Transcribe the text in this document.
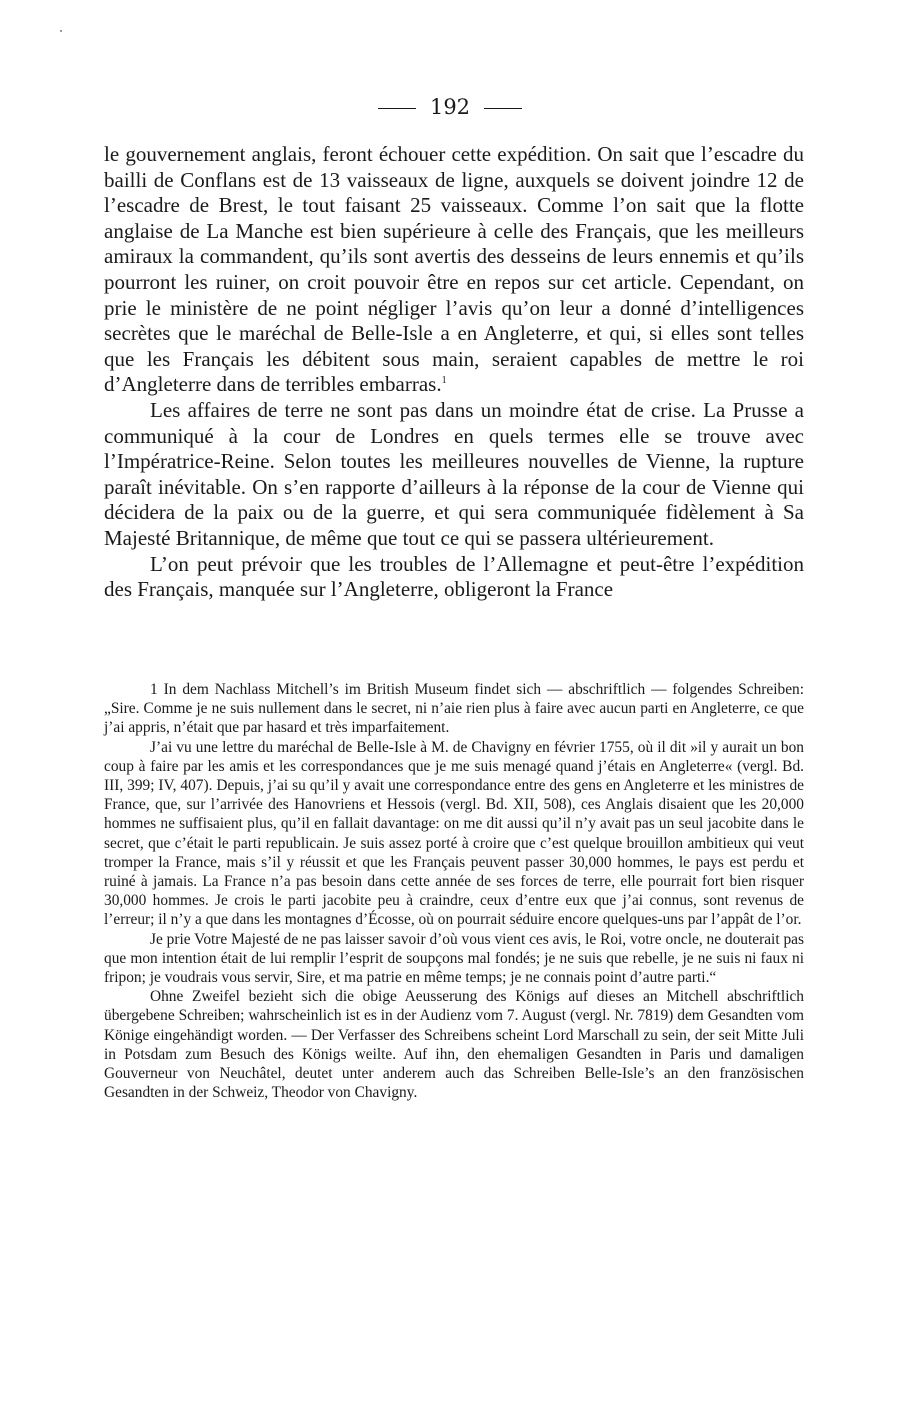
192

le gouvernement anglais, feront échouer cette expédition. On sait que l’escadre du bailli de Conflans est de 13 vaisseaux de ligne, auxquels se doivent joindre 12 de l’escadre de Brest, le tout faisant 25 vaisseaux. Comme l’on sait que la flotte anglaise de La Manche est bien supérieure à celle des Français, que les meilleurs amiraux la commandent, qu’ils sont avertis des desseins de leurs ennemis et qu’ils pourront les ruiner, on croit pouvoir être en repos sur cet article. Cependant, on prie le ministère de ne point négliger l’avis qu’on leur a donné d’intelligences secrètes que le maréchal de Belle-Isle a en Angleterre, et qui, si elles sont telles que les Français les débitent sous main, seraient capables de mettre le roi d’Angleterre dans de terribles embarras.$^1$

Les affaires de terre ne sont pas dans un moindre état de crise. La Prusse a communiqué à la cour de Londres en quels termes elle se trouve avec l’Impératrice-Reine. Selon toutes les meilleures nouvelles de Vienne, la rupture paraît inévitable. On s’en rapporte d’ailleurs à la réponse de la cour de Vienne qui décidera de la paix ou de la guerre, et qui sera communiquée fidèlement à Sa Majesté Britannique, de même que tout ce qui se passera ultérieurement.

L’on peut prévoir que les troubles de l’Allemagne et peut-être l’expédition des Français, manquée sur l’Angleterre, obligeront la France

1 In dem Nachlass Mitchell’s im British Museum findet sich — abschriftlich — folgendes Schreiben: „Sire. Comme je ne suis nullement dans le secret, ni n’aie rien plus à faire avec aucun parti en Angleterre, ce que j’ai appris, n’était que par hasard et très imparfaitement.

J’ai vu une lettre du maréchal de Belle-Isle à M. de Chavigny en février 1755, où il dit »il y aurait un bon coup à faire par les amis et les correspondances que je me suis menagé quand j’étais en Angleterre« (vergl. Bd. III, 399; IV, 407). Depuis, j’ai su qu’il y avait une correspondance entre des gens en Angleterre et les ministres de France, que, sur l’arrivée des Hanovriens et Hessois (vergl. Bd. XII, 508), ces Anglais disaient que les 20,000 hommes ne suffisaient plus, qu’il en fallait davantage: on me dit aussi qu’il n’y avait pas un seul jacobite dans le secret, que c’était le parti republicain. Je suis assez porté à croire que c’est quelque brouillon ambitieux qui veut tromper la France, mais s’il y réussit et que les Français peuvent passer 30,000 hommes, le pays est perdu et ruiné à jamais. La France n’a pas besoin dans cette année de ses forces de terre, elle pourrait fort bien risquer 30,000 hommes. Je crois le parti jacobite peu à craindre, ceux d’entre eux que j’ai connus, sont revenus de l’erreur; il n’y a que dans les montagnes d’Écosse, où on pourrait séduire encore quelques-uns par l’appât de l’or.

Je prie Votre Majesté de ne pas laisser savoir d’où vous vient ces avis, le Roi, votre oncle, ne douterait pas que mon intention était de lui remplir l’esprit de soupçons mal fondés; je ne suis que rebelle, je ne suis ni faux ni fripon; je voudrais vous servir, Sire, et ma patrie en même temps; je ne connais point d’autre parti.“

Ohne Zweifel bezieht sich die obige Aeusserung des Königs auf dieses an Mitchell abschriftlich übergebene Schreiben; wahrscheinlich ist es in der Audienz vom 7. August (vergl. Nr. 7819) dem Gesandten vom Könige eingehändigt worden. — Der Verfasser des Schreibens scheint Lord Marschall zu sein, der seit Mitte Juli in Potsdam zum Besuch des Königs weilte. Auf ihn, den ehemaligen Gesandten in Paris und damaligen Gouverneur von Neuchâtel, deutet unter anderem auch das Schreiben Belle-Isle’s an den französischen Gesandten in der Schweiz, Theodor von Chavigny.
